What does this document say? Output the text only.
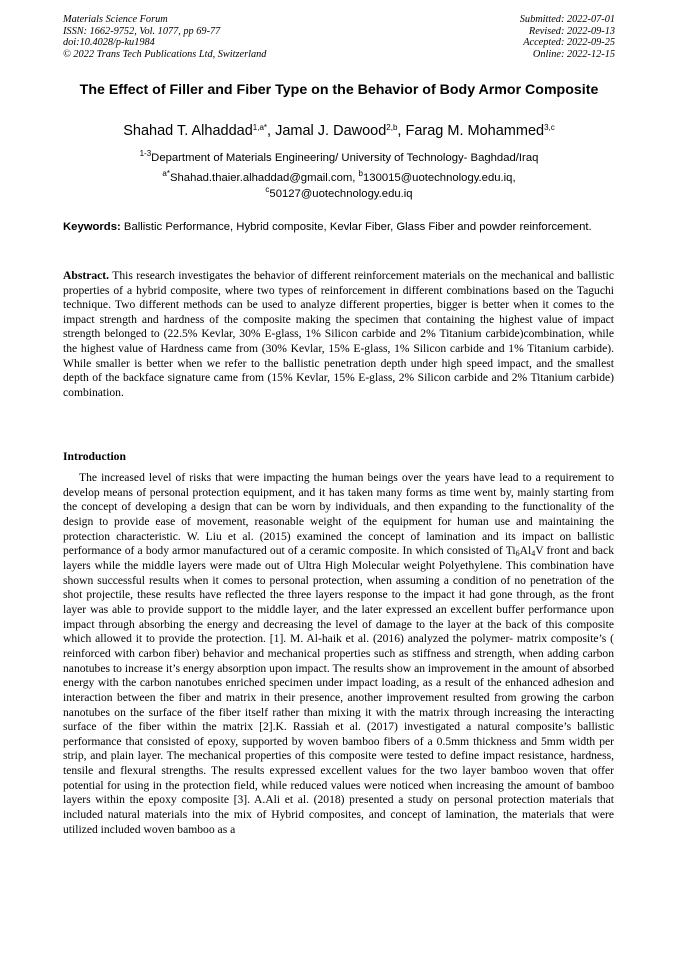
Materials Science Forum
ISSN: 1662-9752, Vol. 1077, pp 69-77
doi:10.4028/p-ku1984
© 2022 Trans Tech Publications Ltd, Switzerland
Submitted: 2022-07-01
Revised: 2022-09-13
Accepted: 2022-09-25
Online: 2022-12-15
The Effect of Filler and Fiber Type on the Behavior of Body Armor Composite
Shahad T. Alhaddad$^{1,a*}$, Jamal J. Dawood$^{2,b}$, Farag M. Mohammed$^{3,c}$
$^{1-3}$Department of Materials Engineering/ University of Technology- Baghdad/Iraq
$^{a*}$Shahad.thaier.alhaddad@gmail.com, $^b$130015@uotechnology.edu.iq,
$^c$50127@uotechnology.edu.iq
Keywords: Ballistic Performance, Hybrid composite, Kevlar Fiber, Glass Fiber and powder reinforcement.
Abstract. This research investigates the behavior of different reinforcement materials on the mechanical and ballistic properties of a hybrid composite, where two types of reinforcement in different combinations based on the Taguchi technique. Two different methods can be used to analyze different properties, bigger is better when it comes to the impact strength and hardness of the composite making the specimen that containing the highest value of impact strength belonged to (22.5% Kevlar, 30% E-glass, 1% Silicon carbide and 2% Titanium carbide)combination, while the highest value of Hardness came from (30% Kevlar, 15% E-glass, 1% Silicon carbide and 1% Titanium carbide). While smaller is better when we refer to the ballistic penetration depth under high speed impact, and the smallest depth of the backface signature came from (15% Kevlar, 15% E-glass, 2% Silicon carbide and 2% Titanium carbide) combination.
Introduction
The increased level of risks that were impacting the human beings over the years have lead to a requirement to develop means of personal protection equipment, and it has taken many forms as time went by, mainly starting from the concept of developing a design that can be worn by individuals, and then expanding to the functionality of the design to provide ease of movement, reasonable weight of the equipment for human use and maintaining the protection characteristic. W. Liu et al. (2015) examined the concept of lamination and its impact on ballistic performance of a body armor manufactured out of a ceramic composite. In which consisted of $Ti_6Al_4V$ front and back layers while the middle layers were made out of Ultra High Molecular weight Polyethylene. This combination have shown successful results when it comes to personal protection, when assuming a condition of no penetration of the shot projectile, these results have reflected the three layers response to the impact it had gone through, as the front layer was able to provide support to the middle layer, and the later expressed an excellent buffer performance upon impact through absorbing the energy and decreasing the level of damage to the layer at the back of this composite which allowed it to provide the protection. [1]. M. Al-haik et al. (2016) analyzed the polymer- matrix composite’s ( reinforced with carbon fiber) behavior and mechanical properties such as stiffness and strength, when adding carbon nanotubes to increase it’s energy absorption upon impact. The results show an improvement in the amount of absorbed energy with the carbon nanotubes enriched specimen under impact loading, as a result of the enhanced adhesion and interaction between the fiber and matrix in their presence, another improvement resulted from growing the carbon nanotubes on the surface of the fiber itself rather than mixing it with the matrix through increasing the interacting surface of the fiber within the matrix [2].K. Rassiah et al. (2017) investigated a natural composite’s ballistic performance that consisted of epoxy, supported by woven bamboo fibers of a 0.5mm thickness and 5mm width per strip, and plain layer. The mechanical properties of this composite were tested to define impact resistance, hardness, tensile and flexural strengths. The results expressed excellent values for the two layer bamboo woven that offer potential for using in the protection field, while reduced values were noticed when increasing the amount of bamboo layers within the epoxy composite [3]. A.Ali et al. (2018) presented a study on personal protection materials that included natural materials into the mix of Hybrid composites, and concept of lamination, the materials that were utilized included woven bamboo as a
